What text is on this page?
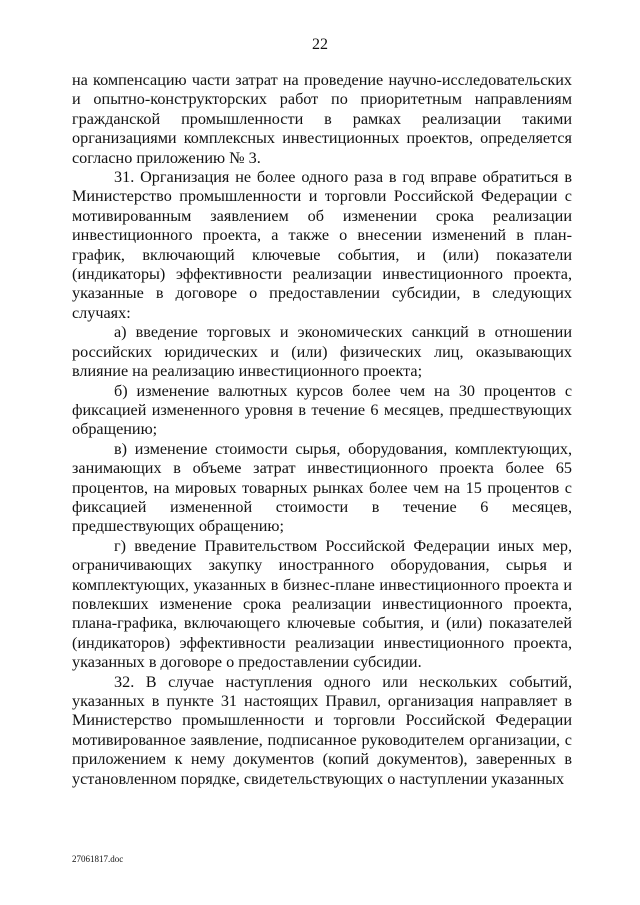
22

на компенсацию части затрат на проведение научно-исследовательских и опытно-конструкторских работ по приоритетным направлениям гражданской промышленности в рамках реализации такими организациями комплексных инвестиционных проектов, определяется согласно приложению № 3.

31. Организация не более одного раза в год вправе обратиться в Министерство промышленности и торговли Российской Федерации с мотивированным заявлением об изменении срока реализации инвестиционного проекта, а также о внесении изменений в план-график, включающий ключевые события, и (или) показатели (индикаторы) эффективности реализации инвестиционного проекта, указанные в договоре о предоставлении субсидии, в следующих случаях:

а) введение торговых и экономических санкций в отношении российских юридических и (или) физических лиц, оказывающих влияние на реализацию инвестиционного проекта;

б) изменение валютных курсов более чем на 30 процентов с фиксацией измененного уровня в течение 6 месяцев, предшествующих обращению;

в) изменение стоимости сырья, оборудования, комплектующих, занимающих в объеме затрат инвестиционного проекта более 65 процентов, на мировых товарных рынках более чем на 15 процентов с фиксацией измененной стоимости в течение 6 месяцев, предшествующих обращению;

г) введение Правительством Российской Федерации иных мер, ограничивающих закупку иностранного оборудования, сырья и комплектующих, указанных в бизнес-плане инвестиционного проекта и повлекших изменение срока реализации инвестиционного проекта, плана-графика, включающего ключевые события, и (или) показателей (индикаторов) эффективности реализации инвестиционного проекта, указанных в договоре о предоставлении субсидии.

32. В случае наступления одного или нескольких событий, указанных в пункте 31 настоящих Правил, организация направляет в Министерство промышленности и торговли Российской Федерации мотивированное заявление, подписанное руководителем организации, с приложением к нему документов (копий документов), заверенных в установленном порядке, свидетельствующих о наступлении указанных

27061817.doc
